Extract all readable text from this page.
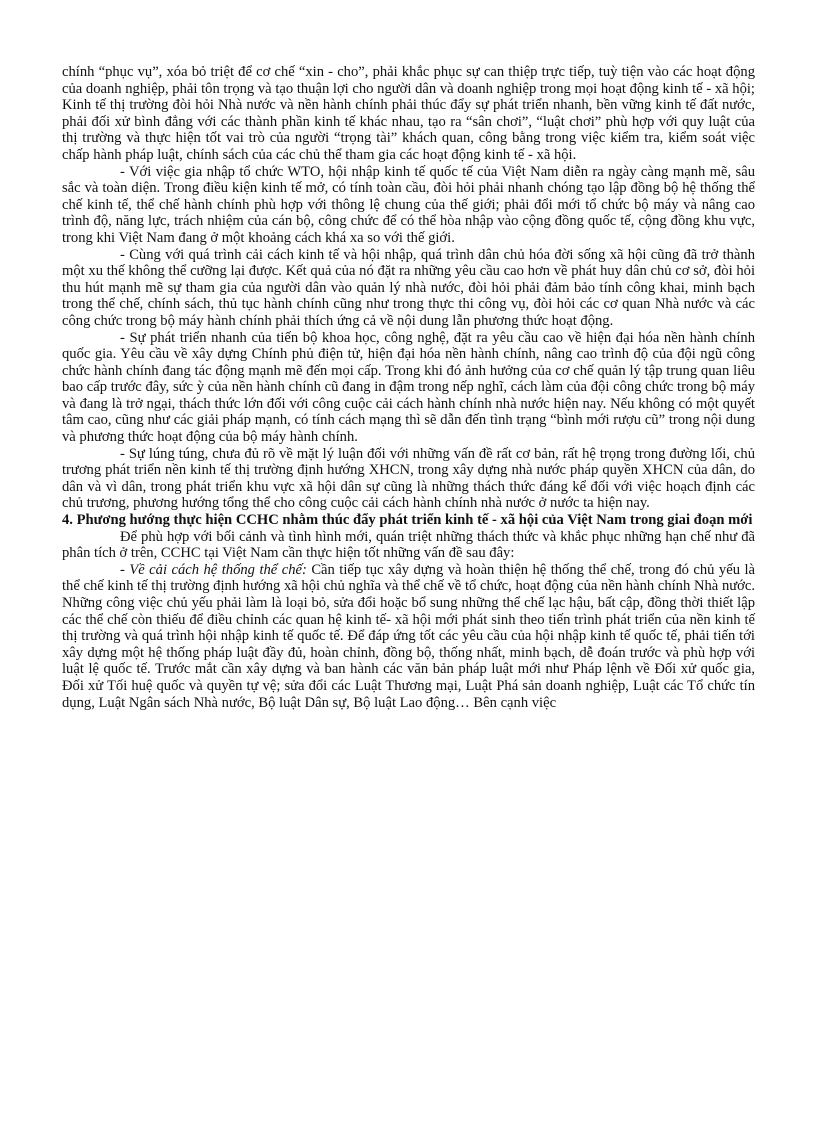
chính “phục vụ”, xóa bỏ triệt để cơ chế “xin - cho”, phải khắc phục sự can thiệp trực tiếp, tuỳ tiện vào các hoạt động của doanh nghiệp, phải tôn trọng và tạo thuận lợi cho người dân và doanh nghiệp trong mọi hoạt động kinh tế - xã hội; Kinh tế thị trường đòi hỏi Nhà nước và nền hành chính phải thúc đẩy sự phát triển nhanh, bền vững kinh tế đất nước, phải đối xử bình đẳng với các thành phần kinh tế khác nhau, tạo ra “sân chơi”, “luật chơi” phù hợp với quy luật của thị trường và thực hiện tốt vai trò của người “trọng tài” khách quan, công bằng trong việc kiểm tra, kiểm soát việc chấp hành pháp luật, chính sách của các chủ thể tham gia các hoạt động kinh tế - xã hội.

- Với việc gia nhập tổ chức WTO, hội nhập kinh tế quốc tế của Việt Nam diễn ra ngày càng mạnh mẽ, sâu sắc và toàn diện. Trong điều kiện kinh tế mở, có tính toàn cầu, đòi hỏi phải nhanh chóng tạo lập đồng bộ hệ thống thể chế kinh tế, thể chế hành chính phù hợp với thông lệ chung của thế giới; phải đổi mới tổ chức bộ máy và nâng cao trình độ, năng lực, trách nhiệm của cán bộ, công chức để có thể hòa nhập vào cộng đồng quốc tế, cộng đồng khu vực, trong khi Việt Nam đang ở một khoảng cách khá xa so với thế giới.

- Cùng với quá trình cải cách kinh tế và hội nhập, quá trình dân chủ hóa đời sống xã hội cũng đã trở thành một xu thế không thể cưỡng lại được. Kết quả của nó đặt ra những yêu cầu cao hơn về phát huy dân chủ cơ sở, đòi hỏi thu hút mạnh mẽ sự tham gia của người dân vào quản lý nhà nước, đòi hỏi phải đảm bảo tính công khai, minh bạch trong thể chế, chính sách, thủ tục hành chính cũng như trong thực thi công vụ, đòi hỏi các cơ quan Nhà nước và các công chức trong bộ máy hành chính phải thích ứng cả về nội dung lẫn phương thức hoạt động.

- Sự phát triển nhanh của tiến bộ khoa học, công nghệ, đặt ra yêu cầu cao về hiện đại hóa nền hành chính quốc gia. Yêu cầu về xây dựng Chính phủ điện tử, hiện đại hóa nền hành chính, nâng cao trình độ của đội ngũ công chức hành chính đang tác động mạnh mẽ đến mọi cấp. Trong khi đó ảnh hưởng của cơ chế quản lý tập trung quan liêu bao cấp trước đây, sức ỳ của nền hành chính cũ đang in đậm trong nếp nghĩ, cách làm của đội công chức trong bộ máy và đang là trở ngại, thách thức lớn đối với công cuộc cải cách hành chính nhà nước hiện nay. Nếu không có một quyết tâm cao, cũng như các giải pháp mạnh, có tính cách mạng thì sẽ dẫn đến tình trạng “bình mới rượu cũ” trong nội dung và phương thức hoạt động của bộ máy hành chính.

- Sự lúng túng, chưa đủ rõ về mặt lý luận đối với những vấn đề rất cơ bản, rất hệ trọng trong đường lối, chủ trương phát triển nền kinh tế thị trường định hướng XHCN, trong xây dựng nhà nước pháp quyền XHCN của dân, do dân và vì dân, trong phát triển khu vực xã hội dân sự cũng là những thách thức đáng kể đối với việc hoạch định các chủ trương, phương hướng tổng thể cho công cuộc cải cách hành chính nhà nước ở nước ta hiện nay.

4. Phương hướng thực hiện CCHC nhằm thúc đẩy phát triển kinh tế - xã hội của Việt Nam trong giai đoạn mới

Để phù hợp với bối cảnh và tình hình mới, quán triệt những thách thức và khắc phục những hạn chế như đã phân tích ở trên, CCHC tại Việt Nam cần thực hiện tốt những vấn đề sau đây:

- Về cải cách hệ thống thể chế: Cần tiếp tục xây dựng và hoàn thiện hệ thống thể chế, trong đó chủ yếu là thể chế kinh tế thị trường định hướng xã hội chủ nghĩa và thể chế về tổ chức, hoạt động của nền hành chính Nhà nước. Những công việc chủ yếu phải làm là loại bỏ, sửa đổi hoặc bổ sung những thể chế lạc hậu, bất cập, đồng thời thiết lập các thể chế còn thiếu để điều chỉnh các quan hệ kinh tế- xã hội mới phát sinh theo tiến trình phát triển của nền kinh tế thị trường và quá trình hội nhập kinh tế quốc tế. Để đáp ứng tốt các yêu cầu của hội nhập kinh tế quốc tế, phải tiến tới xây dựng một hệ thống pháp luật đầy đủ, hoàn chỉnh, đồng bộ, thống nhất, minh bạch, dễ đoán trước và phù hợp với luật lệ quốc tế. Trước mắt cần xây dựng và ban hành các văn bản pháp luật mới như Pháp lệnh về Đối xử quốc gia, Đối xử Tối huệ quốc và quyền tự vệ; sửa đổi các Luật Thương mại, Luật Phá sản doanh nghiệp, Luật các Tổ chức tín dụng, Luật Ngân sách Nhà nước, Bộ luật Dân sự, Bộ luật Lao động… Bên cạnh việc
